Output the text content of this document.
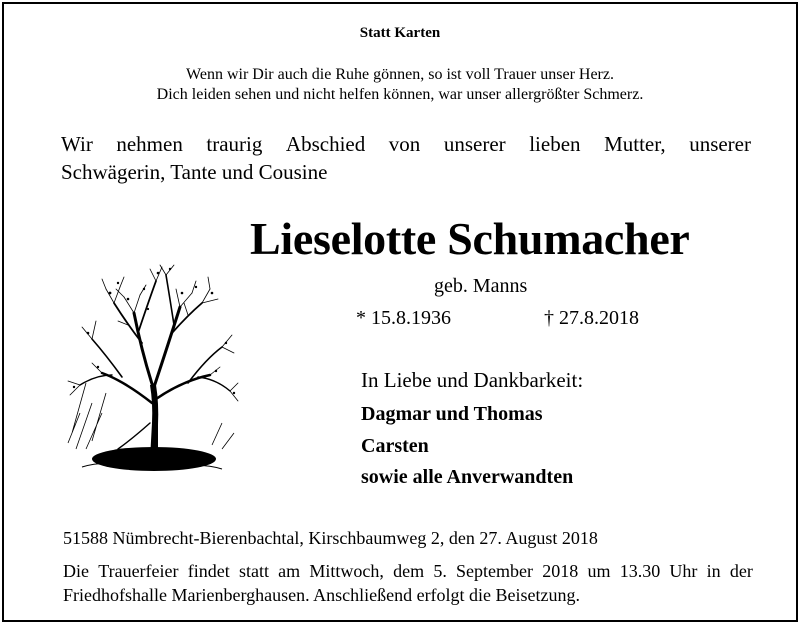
Statt Karten
Wenn wir Dir auch die Ruhe gönnen, so ist voll Trauer unser Herz.
Dich leiden sehen und nicht helfen können, war unser allergrößter Schmerz.
Wir nehmen traurig Abschied von unserer lieben Mutter, unserer
Schwägerin, Tante und Cousine
Lieselotte Schumacher
geb. Manns
* 15.8.1936	† 27.8.2018
In Liebe und Dankbarkeit:
Dagmar und Thomas
Carsten
sowie alle Anverwandten
51588 Nümbrecht-Bierenbachtal, Kirschbaumweg 2, den 27. August 2018
Die Trauerfeier findet statt am Mittwoch, dem 5. September 2018 um 13.30 Uhr in der
Friedhofshalle Marienberghausen. Anschließend erfolgt die Beisetzung.
